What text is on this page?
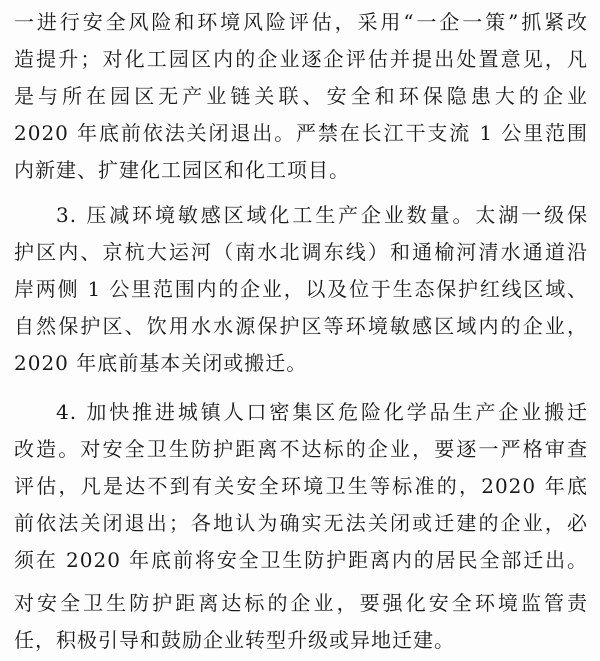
一进行安全风险和环境风险评估，采用“一企一策”抓紧改
造提升；对化工园区内的企业逐企评估并提出处置意见，凡
是与所在园区无产业链关联、安全和环保隐患大的企业
2020 年底前依法关闭退出。严禁在长江干支流 1 公里范围
内新建、扩建化工园区和化工项目。
3. 压减环境敏感区域化工生产企业数量。太湖一级保
护区内、京杭大运河（南水北调东线）和通榆河清水通道沿
岸两侧 1 公里范围内的企业，以及位于生态保护红线区域、
自然保护区、饮用水水源保护区等环境敏感区域内的企业，
2020 年底前基本关闭或搬迁。
4. 加快推进城镇人口密集区危险化学品生产企业搬迁
改造。对安全卫生防护距离不达标的企业，要逐一严格审查
评估，凡是达不到有关安全环境卫生等标准的，2020 年底
前依法关闭退出；各地认为确实无法关闭或迁建的企业，必
须在 2020 年底前将安全卫生防护距离内的居民全部迁出。
对安全卫生防护距离达标的企业，要强化安全环境监管责
任，积极引导和鼓励企业转型升级或异地迁建。
